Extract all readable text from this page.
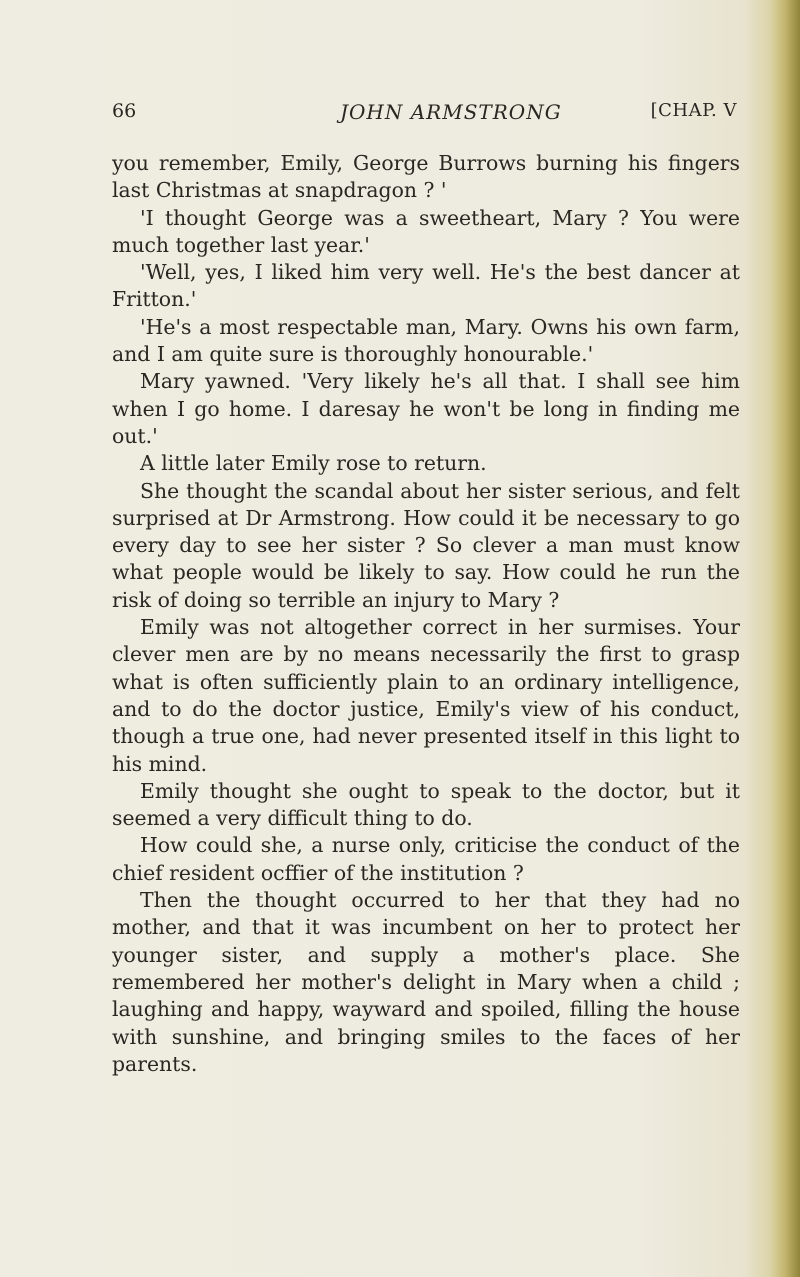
66	JOHN ARMSTRONG	[CHAP. V

you remember, Emily, George Burrows burning his fingers last Christmas at snapdragon ? '

'I thought George was a sweetheart, Mary ? You were much together last year.'

'Well, yes, I liked him very well. He's the best dancer at Fritton.'

'He's a most respectable man, Mary. Owns his own farm, and I am quite sure is thoroughly honourable.'

Mary yawned. 'Very likely he's all that. I shall see him when I go home. I daresay he won't be long in finding me out.'

A little later Emily rose to return.

She thought the scandal about her sister serious, and felt surprised at Dr Armstrong. How could it be necessary to go every day to see her sister ? So clever a man must know what people would be likely to say. How could he run the risk of doing so terrible an injury to Mary ?

Emily was not altogether correct in her surmises. Your clever men are by no means necessarily the first to grasp what is often sufficiently plain to an ordinary intelligence, and to do the doctor justice, Emily's view of his conduct, though a true one, had never presented itself in this light to his mind.

Emily thought she ought to speak to the doctor, but it seemed a very difficult thing to do.

How could she, a nurse only, criticise the conduct of the chief resident ocffier of the institution ?

Then the thought occurred to her that they had no mother, and that it was incumbent on her to protect her younger sister, and supply a mother's place. She remembered her mother's delight in Mary when a child ; laughing and happy, wayward and spoiled, filling the house with sunshine, and bringing smiles to the faces of her parents.
